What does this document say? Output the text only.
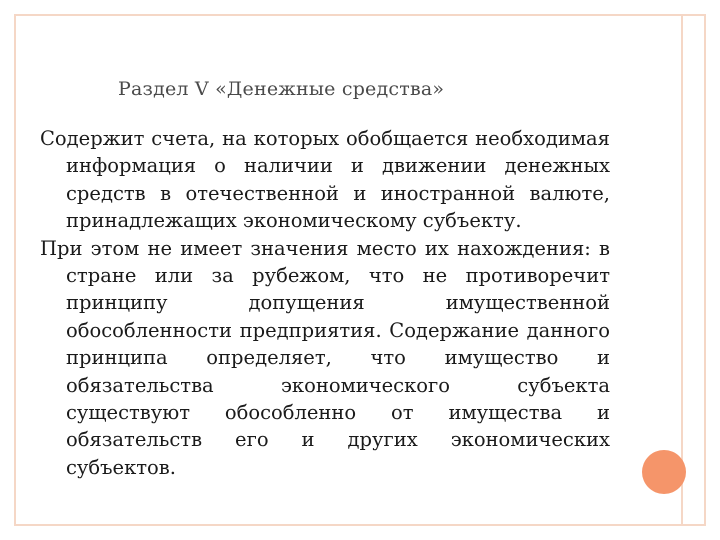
Раздел V «Денежные средства»

Содержит счета, на которых обобщается необходимая информация о наличии и движении денежных средств в отечественной и иностранной валюте, принадлежащих экономическому субъекту.

При этом не имеет значения место их нахождения: в стране или за рубежом, что не противоречит принципу допущения имущественной обособленности предприятия. Содержание данного принципа определяет, что имущество и обязательства экономического субъекта существуют обособленно от имущества и обязательств его и других экономических субъектов.
